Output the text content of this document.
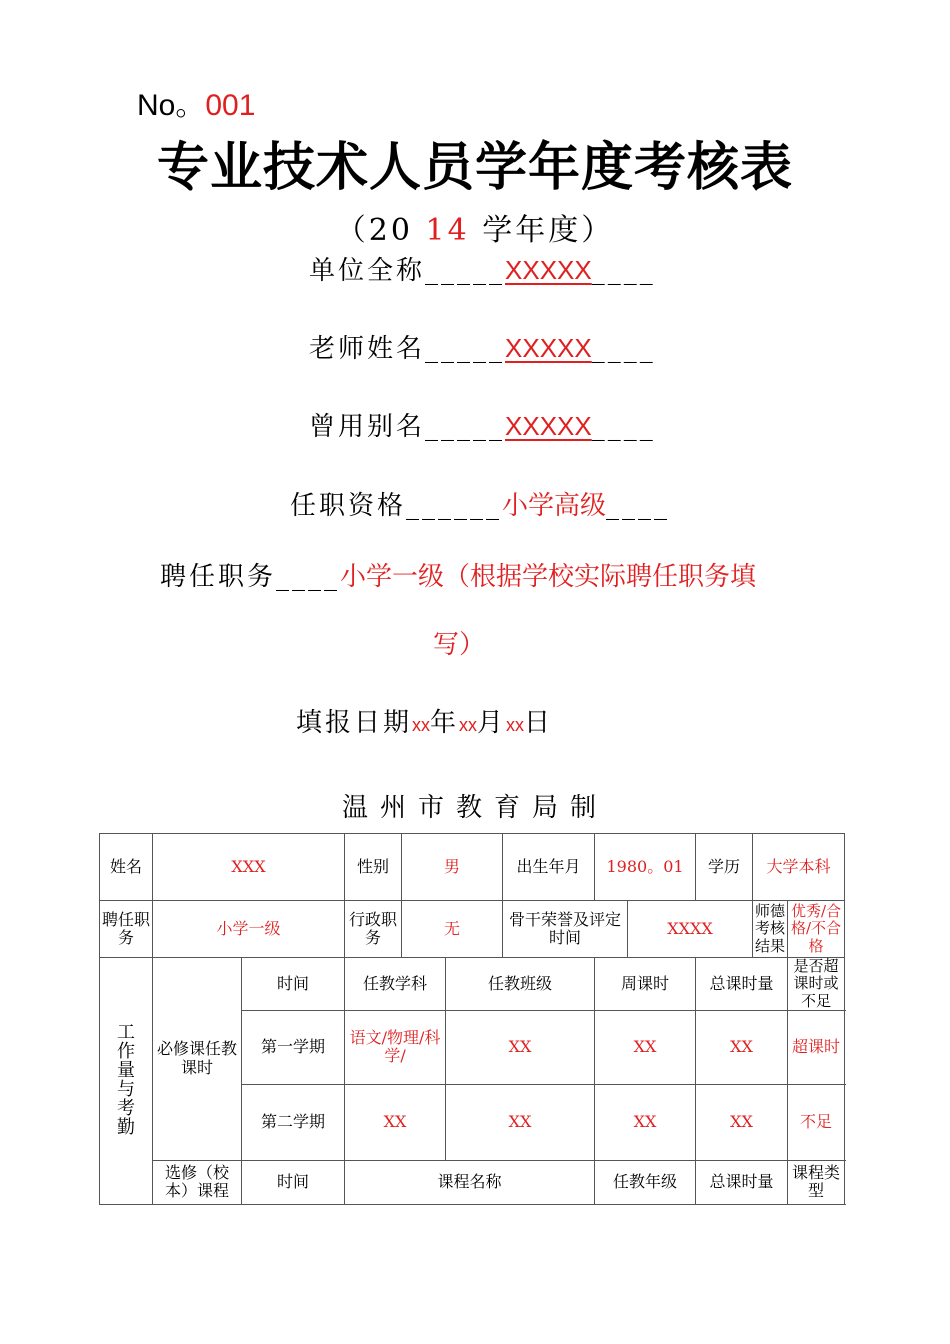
No。001
专业技术人员学年度考核表
（20 14 学年度）
单位全称_____XXXXX____
老师姓名_____XXXXX____
曾用别名_____XXXXX____
任职资格______小学高级____
聘任职务____小学一级（根据学校实际聘任职务填
写）
填报日期xx年xx月xx日
温州市教育局制
姓名	XXX		性别	男		出生年月	1980。01		学历	大学本科	
聘任职务	小学一级		行政职务	无		骨干荣誉及评定时间		XXXX		师德考核结果	优秀/合格/不合格
工作量与考勤	必修课任教课时	时间	任教学科		任教班级		周课时		总课时量		是否超课时或不足
		第一学期	语文/物理/科学/		XX		XX		XX		超课时
		第二学期	XX		XX		XX		XX		不足
	选修（校本）课程	时间	课程名称				任教年级		总课时量		课程类型
